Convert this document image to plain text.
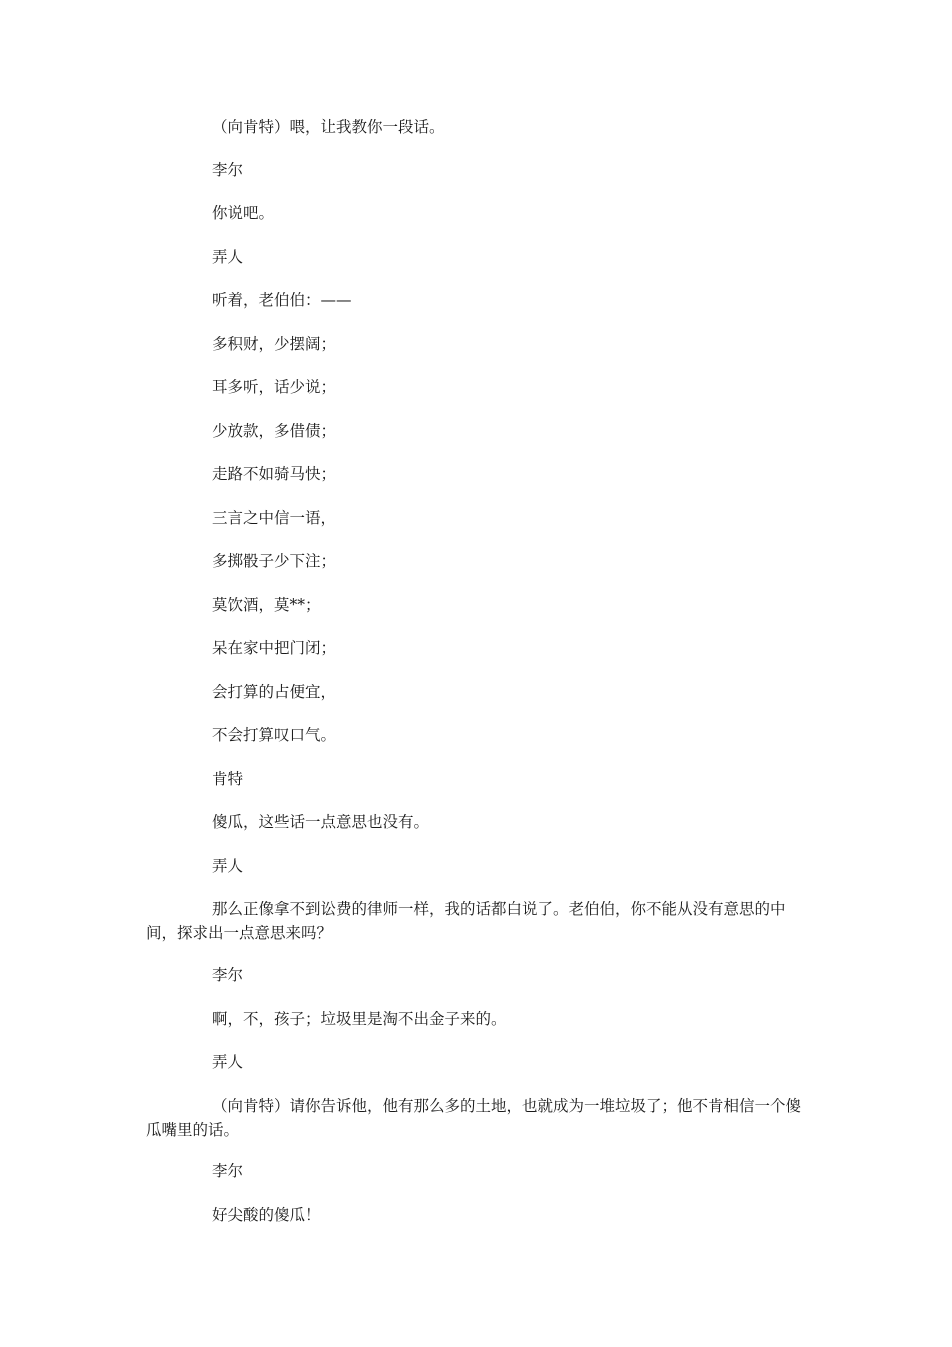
（向肯特）喂，让我教你一段话。

李尔

你说吧。

弄人

听着，老伯伯：——

多积财，少摆阔；

耳多听，话少说；

少放款，多借债；

走路不如骑马快；

三言之中信一语，

多掷骰子少下注；

莫饮酒，莫**；

呆在家中把门闭；

会打算的占便宜，

不会打算叹口气。

肯特

傻瓜，这些话一点意思也没有。

弄人

那么正像拿不到讼费的律师一样，我的话都白说了。老伯伯，你不能从没有意思的中间，探求出一点意思来吗？

李尔

啊，不，孩子；垃圾里是淘不出金子来的。

弄人

（向肯特）请你告诉他，他有那么多的土地，也就成为一堆垃圾了；他不肯相信一个傻瓜嘴里的话。

李尔

好尖酸的傻瓜！
